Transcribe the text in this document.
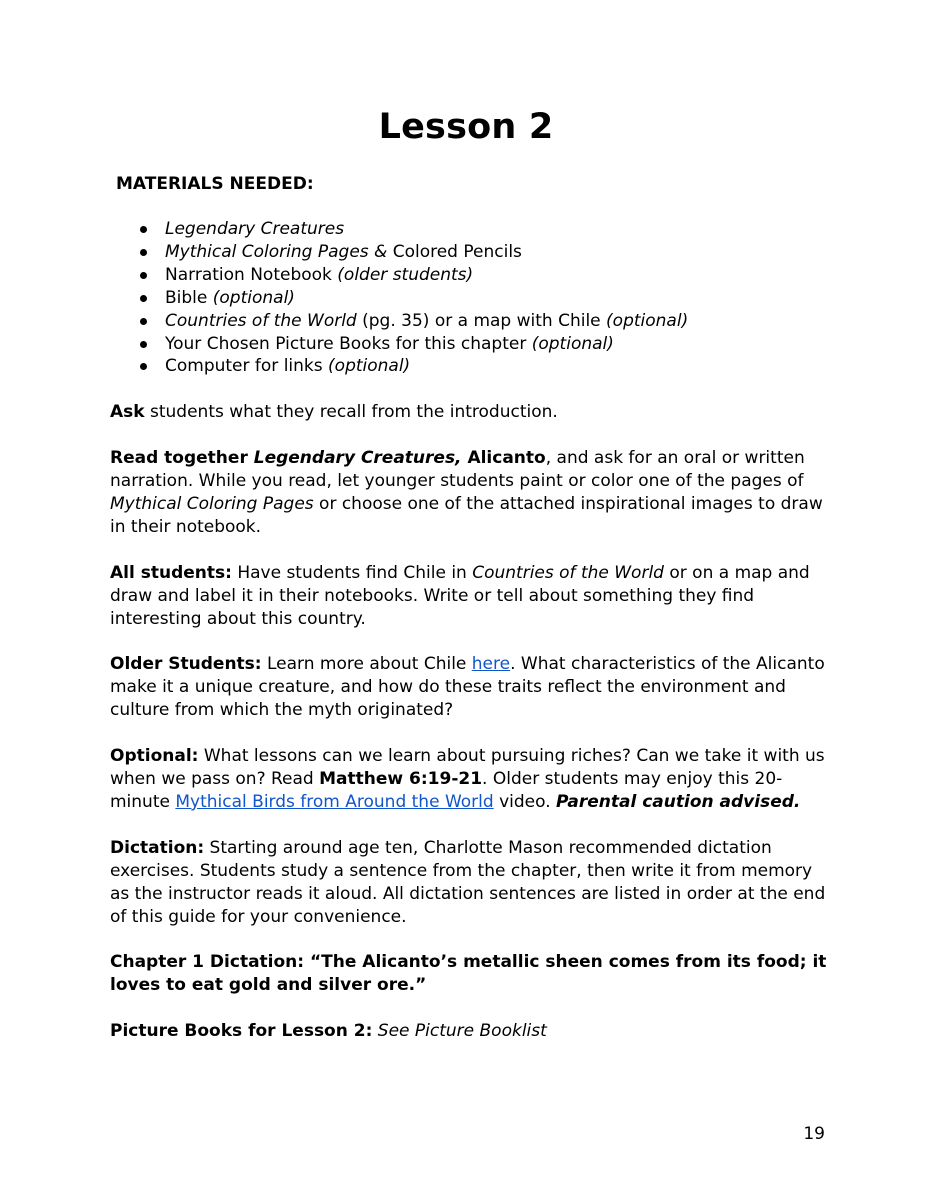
Lesson 2

MATERIALS NEEDED:

Legendary Creatures
Mythical Coloring Pages & Colored Pencils
Narration Notebook (older students)
Bible (optional)
Countries of the World (pg. 35) or a map with Chile (optional)
Your Chosen Picture Books for this chapter (optional)
Computer for links (optional)

Ask students what they recall from the introduction.

Read together Legendary Creatures, Alicanto, and ask for an oral or written narration. While you read, let younger students paint or color one of the pages of Mythical Coloring Pages or choose one of the attached inspirational images to draw in their notebook.

All students: Have students find Chile in Countries of the World or on a map and draw and label it in their notebooks. Write or tell about something they find interesting about this country.

Older Students: Learn more about Chile here. What characteristics of the Alicanto make it a unique creature, and how do these traits reflect the environment and culture from which the myth originated?

Optional: What lessons can we learn about pursuing riches? Can we take it with us when we pass on? Read Matthew 6:19-21. Older students may enjoy this 20-minute Mythical Birds from Around the World video. Parental caution advised.

Dictation: Starting around age ten, Charlotte Mason recommended dictation exercises. Students study a sentence from the chapter, then write it from memory as the instructor reads it aloud. All dictation sentences are listed in order at the end of this guide for your convenience.

Chapter 1 Dictation: “The Alicanto’s metallic sheen comes from its food; it loves to eat gold and silver ore.”

Picture Books for Lesson 2: See Picture Booklist

19
